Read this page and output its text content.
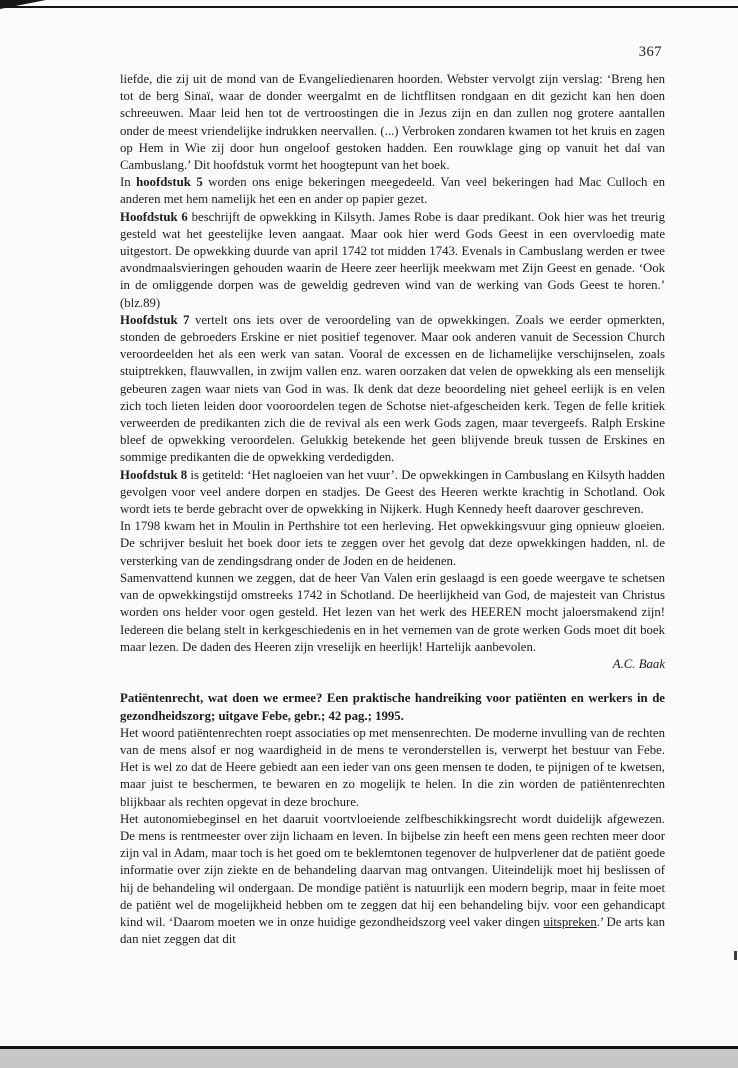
367

liefde, die zij uit de mond van de Evangeliedienaren hoorden. Webster vervolgt zijn verslag: ‘Breng hen tot de berg Sinaï, waar de donder weergalmt en de lichtflitsen rondgaan en dit gezicht kan hen doen schreeuwen. Maar leid hen tot de vertroostingen die in Jezus zijn en dan zullen nog grotere aantallen onder de meest vriendelijke indrukken neervallen. (...) Verbroken zondaren kwamen tot het kruis en zagen op Hem in Wie zij door hun ongeloof gestoken hadden. Een rouwklage ging op vanuit het dal van Cambuslang.’ Dit hoofdstuk vormt het hoogtepunt van het boek.

In hoofdstuk 5 worden ons enige bekeringen meegedeeld. Van veel bekeringen had Mac Culloch en anderen met hem namelijk het een en ander op papier gezet.

Hoofdstuk 6 beschrijft de opwekking in Kilsyth. James Robe is daar predikant. Ook hier was het treurig gesteld wat het geestelijke leven aangaat. Maar ook hier werd Gods Geest in een overvloedig mate uitgestort. De opwekking duurde van april 1742 tot midden 1743. Evenals in Cambuslang werden er twee avondmaalsvieringen gehouden waarin de Heere zeer heerlijk meekwam met Zijn Geest en genade. ‘Ook in de omliggende dorpen was de geweldig gedreven wind van de werking van Gods Geest te horen.’ (blz.89)

Hoofdstuk 7 vertelt ons iets over de veroordeling van de opwekkingen. Zoals we eerder opmerkten, stonden de gebroeders Erskine er niet positief tegenover. Maar ook anderen vanuit de Secession Church veroordeelden het als een werk van satan. Vooral de excessen en de lichamelijke verschijnselen, zoals stuiptrekken, flauwvallen, in zwijm vallen enz. waren oorzaken dat velen de opwekking als een menselijk gebeuren zagen waar niets van God in was. Ik denk dat deze beoordeling niet geheel eerlijk is en velen zich toch lieten leiden door vooroordelen tegen de Schotse niet-afgescheiden kerk. Tegen de felle kritiek verweerden de predikanten zich die de revival als een werk Gods zagen, maar tevergeefs. Ralph Erskine bleef de opwekking veroordelen. Gelukkig betekende het geen blijvende breuk tussen de Erskines en sommige predikanten die de opwekking verdedigden.

Hoofdstuk 8 is getiteld: ‘Het nagloeien van het vuur’. De opwekkingen in Cambuslang en Kilsyth hadden gevolgen voor veel andere dorpen en stadjes. De Geest des Heeren werkte krachtig in Schotland. Ook wordt iets te berde gebracht over de opwekking in Nijkerk. Hugh Kennedy heeft daarover geschreven.

In 1798 kwam het in Moulin in Perthshire tot een herleving. Het opwekkingsvuur ging opnieuw gloeien. De schrijver besluit het boek door iets te zeggen over het gevolg dat deze opwekkingen hadden, nl. de versterking van de zendingsdrang onder de Joden en de heidenen.

Samenvattend kunnen we zeggen, dat de heer Van Valen erin geslaagd is een goede weergave te schetsen van de opwekkingstijd omstreeks 1742 in Schotland. De heerlijkheid van God, de majesteit van Christus worden ons helder voor ogen gesteld. Het lezen van het werk des HEEREN mocht jaloersmakend zijn! Iedereen die belang stelt in kerkgeschiedenis en in het vernemen van de grote werken Gods moet dit boek maar lezen. De daden des Heeren zijn vreselijk en heerlijk! Hartelijk aanbevolen.

A.C. Baak
Patiëntenrecht, wat doen we ermee? Een praktische handreiking voor patiënten en werkers in de gezondheidszorg; uitgave Febe, gebr.; 42 pag.; 1995.

Het woord patiëntenrechten roept associaties op met mensenrechten. De moderne invulling van de rechten van de mens alsof er nog waardigheid in de mens te veronderstellen is, verwerpt het bestuur van Febe. Het is wel zo dat de Heere gebiedt aan een ieder van ons geen mensen te doden, te pijnigen of te kwetsen, maar juist te beschermen, te bewaren en zo mogelijk te helen. In die zin worden de patiëntenrechten blijkbaar als rechten opgevat in deze brochure.

Het autonomiebeginsel en het daaruit voortvloeiende zelfbeschikkingsrecht wordt duidelijk afgewezen. De mens is rentmeester over zijn lichaam en leven. In bijbelse zin heeft een mens geen rechten meer door zijn val in Adam, maar toch is het goed om te beklemtonen tegenover de hulpverlener dat de patiënt goede informatie over zijn ziekte en de behandeling daarvan mag ontvangen. Uiteindelijk moet hij beslissen of hij de behandeling wil ondergaan. De mondige patiënt is natuurlijk een modern begrip, maar in feite moet de patiënt wel de mogelijkheid hebben om te zeggen dat hij een behandeling bijv. voor een gehandicapt kind wil. ‘Daarom moeten we in onze huidige gezondheidszorg veel vaker dingen uitspreken.’ De arts kan dan niet zeggen dat dit
